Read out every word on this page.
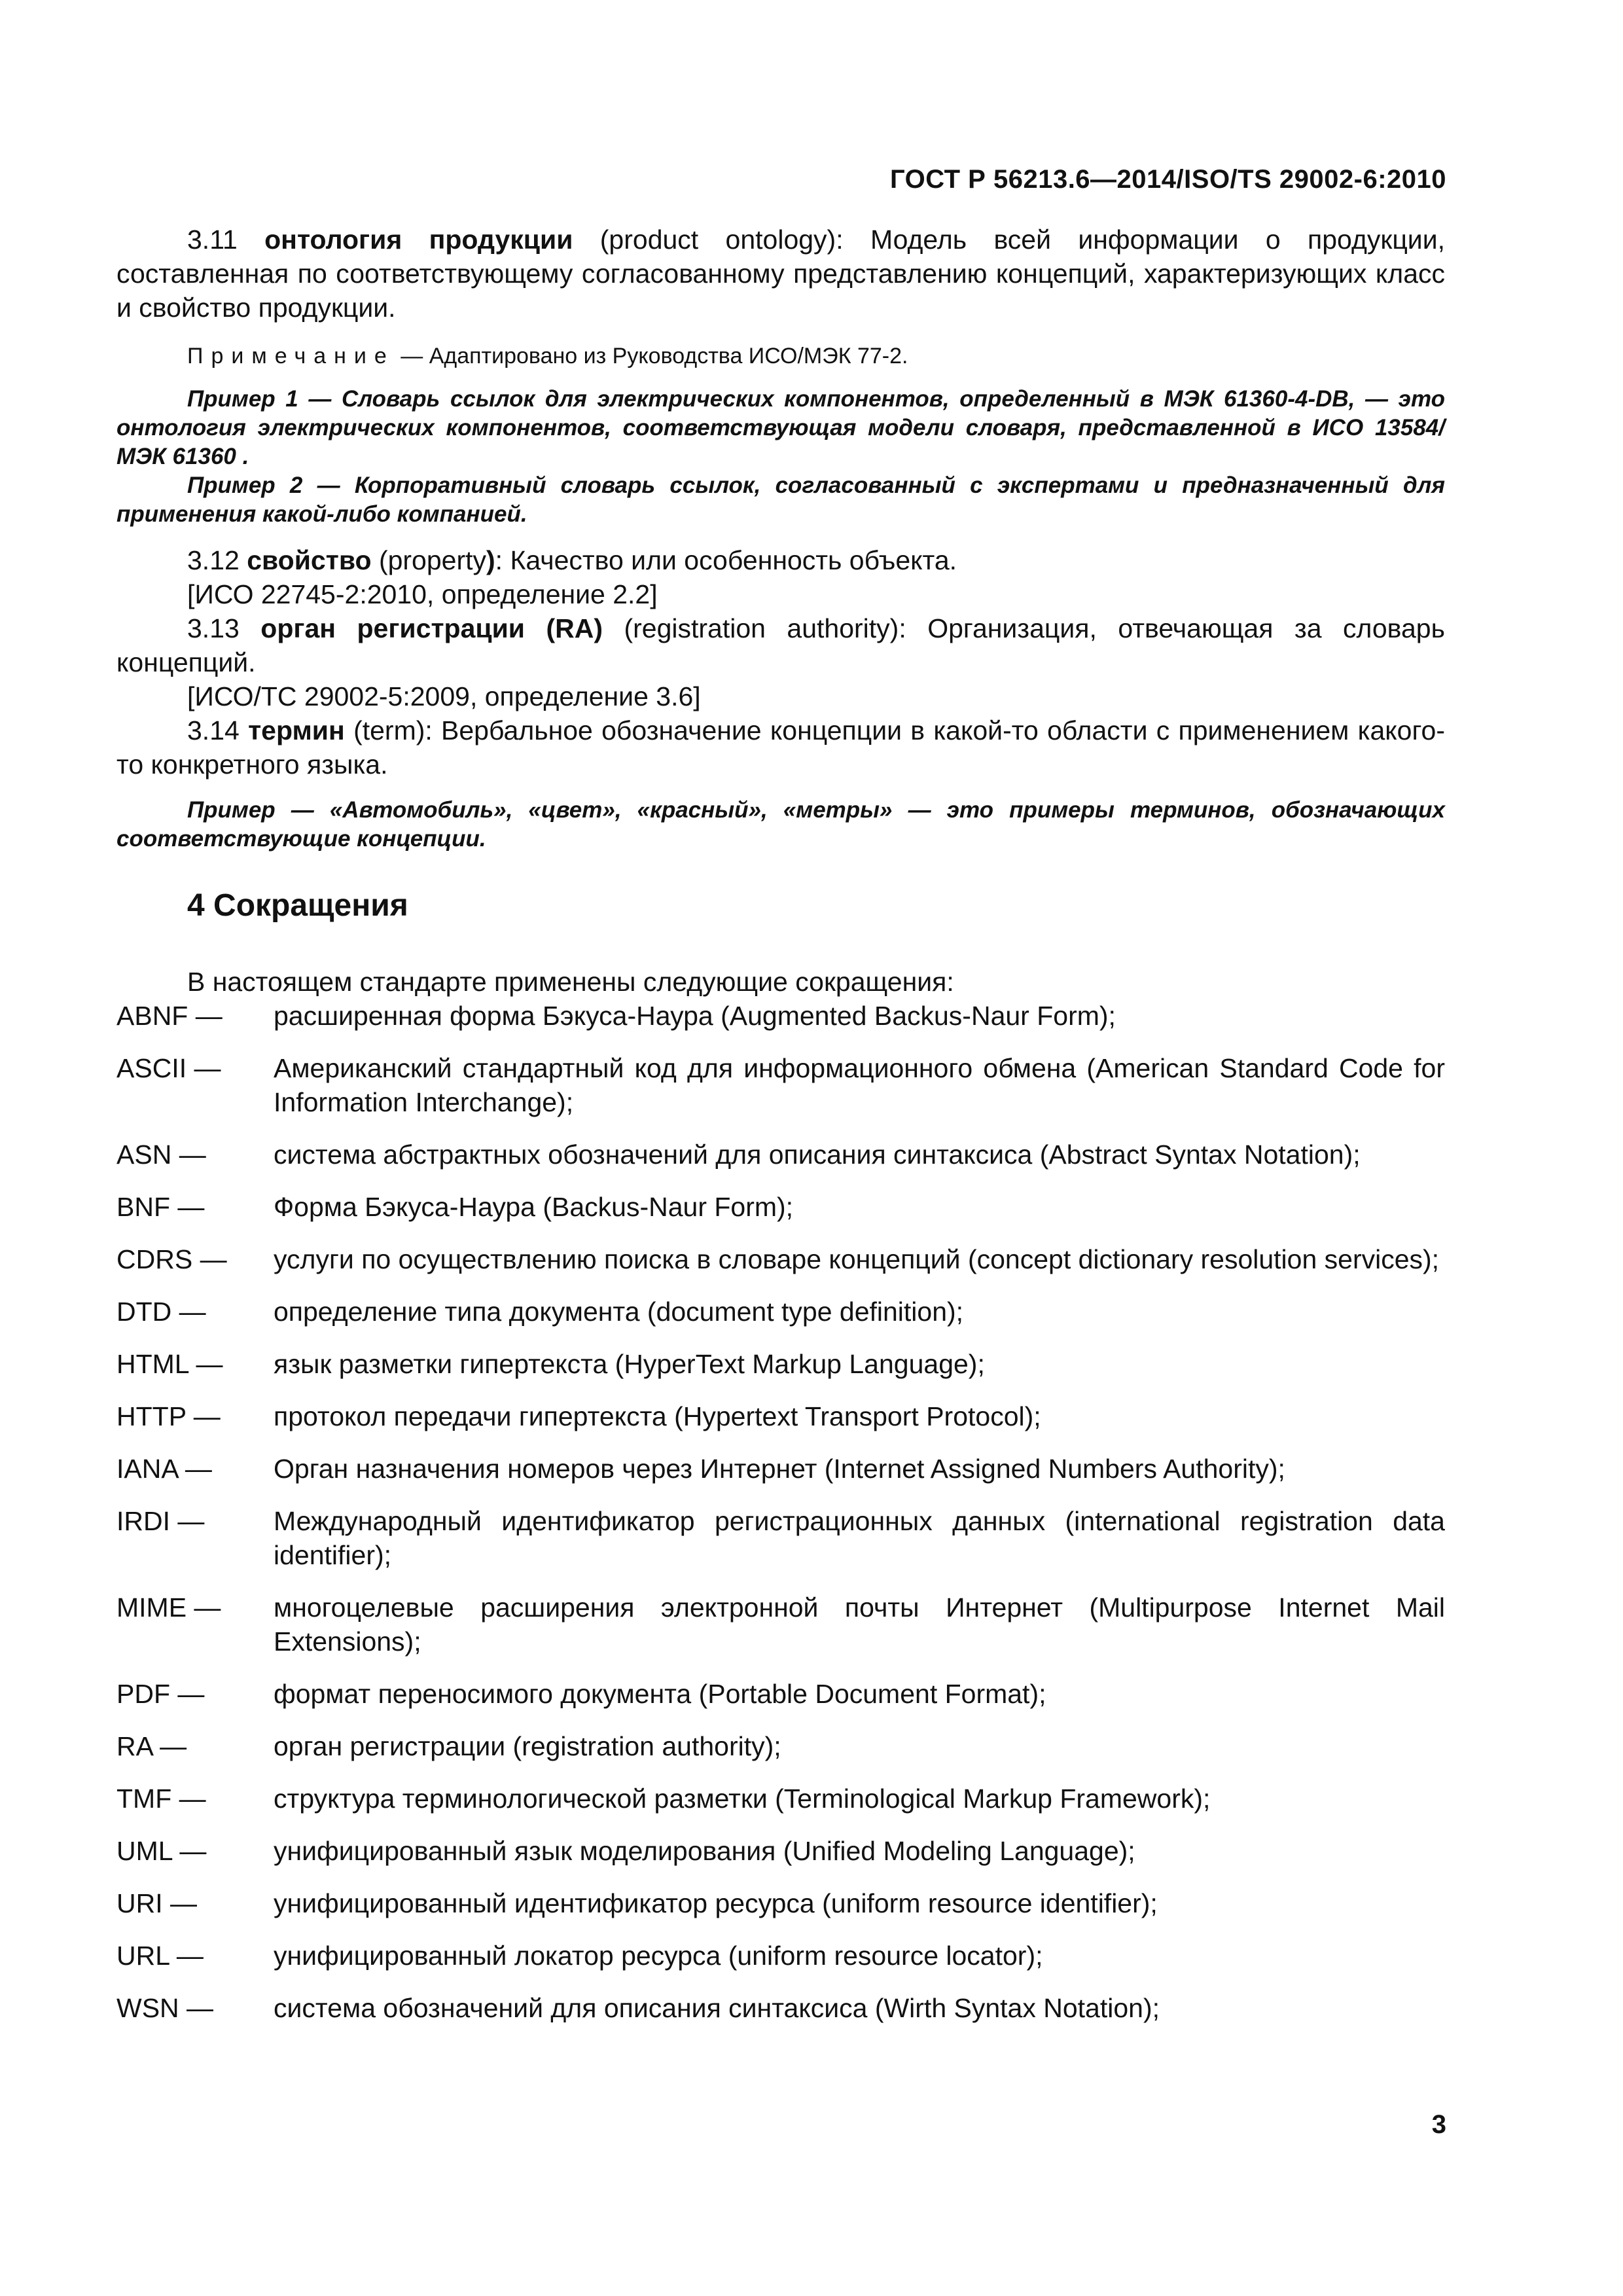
ГОСТ Р 56213.6—2014/ISO/TS 29002-6:2010

3.11 онтология продукции (product ontology): Модель всей информации о продукции, составленная по соответствующему согласованному представлению концепций, характеризующих класс и свойство продукции.

Примечание — Адаптировано из Руководства ИСО/МЭК 77-2.

Пример 1 — Словарь ссылок для электрических компонентов, определенный в МЭК 61360-4-DB, — это онтология электрических компонентов, соответствующая модели словаря, представленной в ИСО 13584/МЭК 61360 .

Пример 2 — Корпоративный словарь ссылок, согласованный с экспертами и предназначенный для применения какой-либо компанией.

3.12 свойство (property): Качество или особенность объекта.

[ИСО 22745-2:2010, определение 2.2]

3.13 орган регистрации (RA) (registration authority): Организация, отвечающая за словарь концепций.

[ИСО/ТС 29002-5:2009, определение 3.6]

3.14 термин (term): Вербальное обозначение концепции в какой-то области с применением какого-то конкретного языка.

Пример — «Автомобиль», «цвет», «красный», «метры» — это примеры терминов, обозначающих соответствующие концепции.

4 Сокращения

В настоящем стандарте применены следующие сокращения:

ABNF —	расширенная форма Бэкуса-Наура (Augmented Backus-Naur Form);
ASCII —	Американский стандартный код для информационного обмена (American Standard Code for Information Interchange);
ASN —	система абстрактных обозначений для описания синтаксиса (Abstract Syntax Notation);
BNF —	Форма Бэкуса-Наура (Backus-Naur Form);
CDRS —	услуги по осуществлению поиска в словаре концепций (concept dictionary resolution services);
DTD —	определение типа документа (document type definition);
HTML —	язык разметки гипертекста (HyperText Markup Language);
HTTP —	протокол передачи гипертекста (Hypertext Transport Protocol);
IANA —	Орган назначения номеров через Интернет (Internet Assigned Numbers Authority);
IRDI —	Международный идентификатор регистрационных данных (international registration data identifier);
MIME —	многоцелевые расширения электронной почты Интернет (Multipurpose Internet Mail Extensions);
PDF —	формат переносимого документа (Portable Document Format);
RA —	орган регистрации (registration authority);
TMF —	структура терминологической разметки (Terminological Markup Framework);
UML —	унифицированный язык моделирования (Unified Modeling Language);
URI —	унифицированный идентификатор ресурса (uniform resource identifier);
URL —	унифицированный локатор ресурса (uniform resource locator);
WSN —	система обозначений для описания синтаксиса (Wirth Syntax Notation);
3
